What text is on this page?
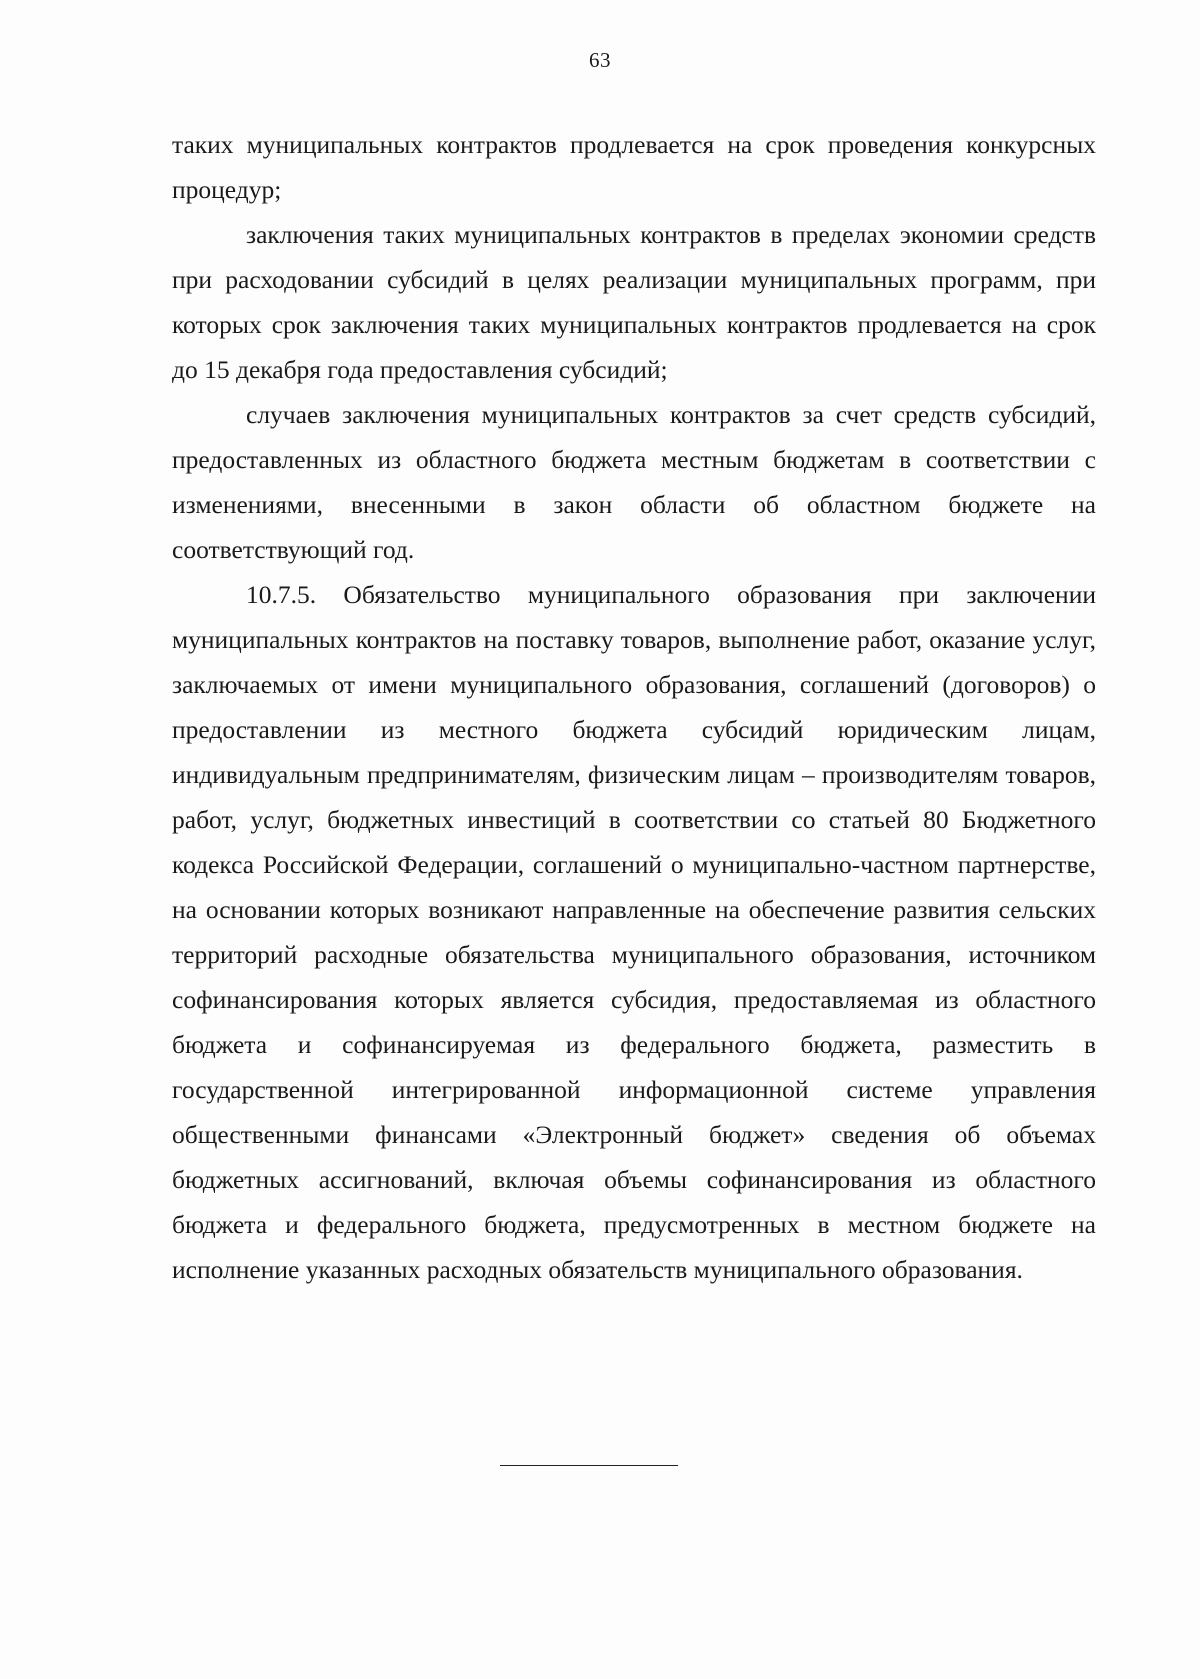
63

таких муниципальных контрактов продлевается на срок проведения конкурсных процедур;

заключения таких муниципальных контрактов в пределах экономии средств при расходовании субсидий в целях реализации муниципальных программ, при которых срок заключения таких муниципальных контрактов продлевается на срок до 15 декабря года предоставления субсидий;

случаев заключения муниципальных контрактов за счет средств субсидий, предоставленных из областного бюджета местным бюджетам в соответствии с изменениями, внесенными в закон области об областном бюджете на соответствующий год.

10.7.5. Обязательство муниципального образования при заключении муниципальных контрактов на поставку товаров, выполнение работ, оказание услуг, заключаемых от имени муниципального образования, соглашений (договоров) о предоставлении из местного бюджета субсидий юридическим лицам, индивидуальным предпринимателям, физическим лицам – производителям товаров, работ, услуг, бюджетных инвестиций в соответствии со статьей 80 Бюджетного кодекса Российской Федерации, соглашений о муниципально-частном партнерстве, на основании которых возникают направленные на обеспечение развития сельских территорий расходные обязательства муниципального образования, источником софинансирования которых является субсидия, предоставляемая из областного бюджета и софинансируемая из федерального бюджета, разместить в государственной интегрированной информационной системе управления общественными финансами «Электронный бюджет» сведения об объемах бюджетных ассигнований, включая объемы софинансирования из областного бюджета и федерального бюджета, предусмотренных в местном бюджете на исполнение указанных расходных обязательств муниципального образования.
